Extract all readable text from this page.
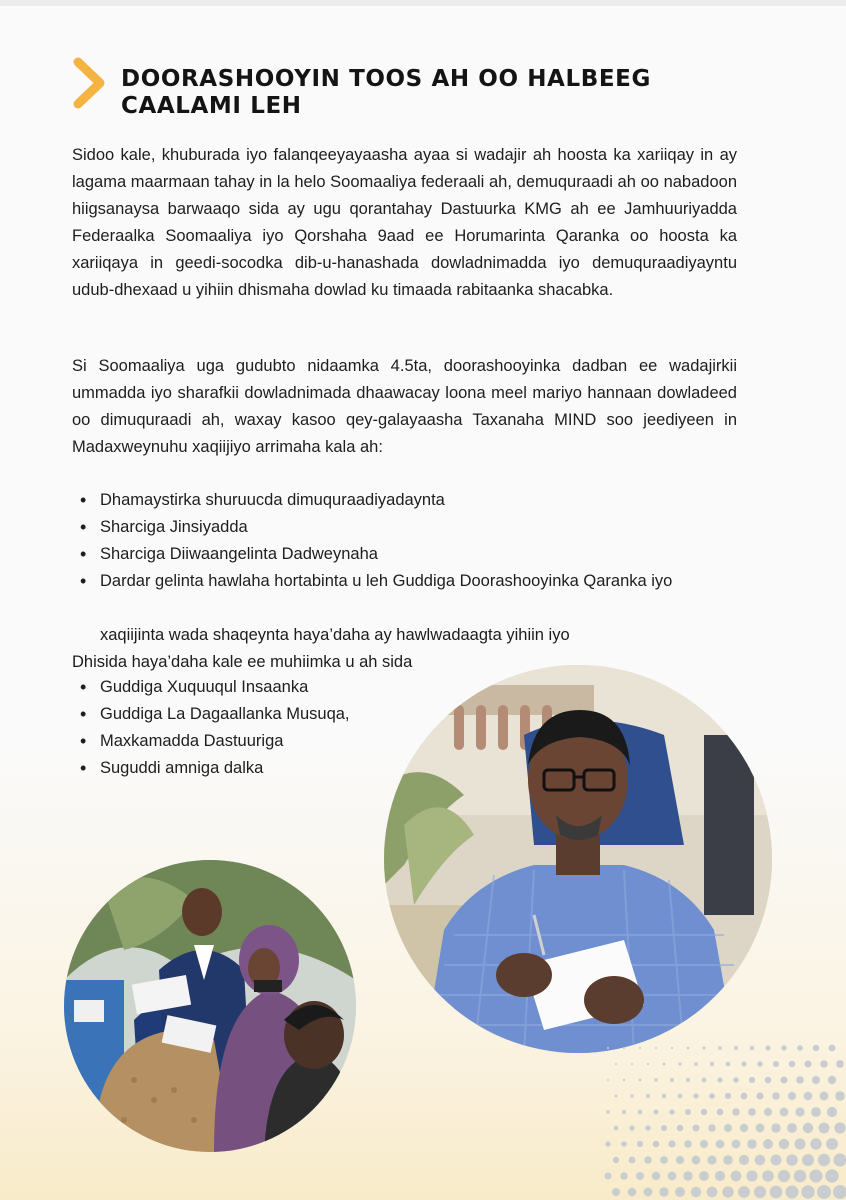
DOORASHOOYIN TOOS AH OO HALBEEG
CAALAMI LEH

Sidoo kale, khuburada iyo falanqeeyayaasha ayaa si wadajir ah hoosta ka xariiqay in ay lagama maarmaan tahay in la helo Soomaaliya federaali ah, demuquraadi ah oo nabadoon hiigsanaysa barwaaqo sida ay ugu qorantahay Dastuurka KMG ah ee Jamhuuriyadda Federaalka Soomaaliya iyo Qorshaha 9aad ee Horumarinta Qaranka oo hoosta ka xariiqaya in geedi-socodka dib-u-hanashada dowladnimadda iyo demuquraadiyayntu udub-dhexaad u yihiin dhismaha dowlad ku timaada rabitaanka shacabka.

Si Soomaaliya uga gudubto nidaamka 4.5ta, doorashooyinka dadban ee wadajirkii ummadda iyo sharafkii dowladnimada dhaawacay loona meel mariyo hannaan dowladeed oo dimuquraadi ah, waxay kasoo qey-galayaasha Taxanaha MIND soo jeediyeen in Madaxweynuhu xaqiijiyo arrimaha kala ah:

• Dhamaystirka shuruucda dimuquraadiyadaynta
• Sharciga Jinsiyadda
• Sharciga Diiwaangelinta Dadweynaha
• Dardar gelinta hawlaha hortabinta u leh Guddiga Doorashooyinka Qaranka iyo

xaqiijinta wada shaqeynta haya’daha ay hawlwadaagta yihiin iyo

Dhisida haya’daha kale ee muhiimka u ah sida

• Guddiga Xuquuqul Insaanka
• Guddiga La Dagaallanka Musuqa,
• Maxkamadda Dastuuriga
• Suguddi amniga dalka
